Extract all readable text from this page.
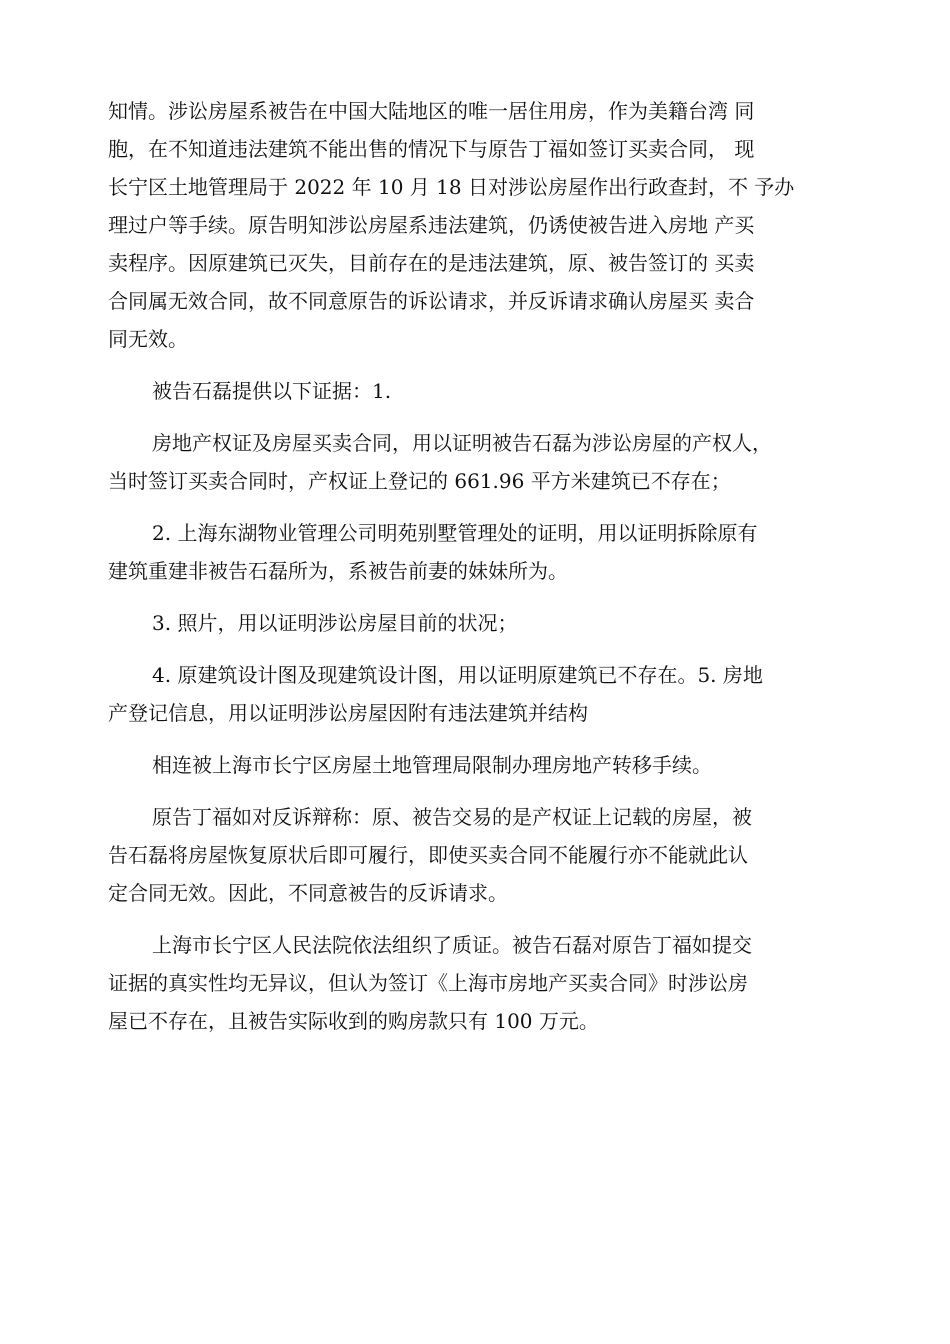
知情。涉讼房屋系被告在中国大陆地区的唯一居住用房，作为美籍台湾 同
胞，在不知道违法建筑不能出售的情况下与原告丁福如签订买卖合同， 现
长宁区土地管理局于 2022 年 10 月 18 日对涉讼房屋作出行政查封，不 予办
理过户等手续。原告明知涉讼房屋系违法建筑，仍诱使被告进入房地 产买
卖程序。因原建筑已灭失，目前存在的是违法建筑，原、被告签订的 买卖
合同属无效合同，故不同意原告的诉讼请求，并反诉请求确认房屋买 卖合
同无效。

被告石磊提供以下证据：1.

房地产权证及房屋买卖合同，用以证明被告石磊为涉讼房屋的产权人，
当时签订买卖合同时，产权证上登记的 661.96 平方米建筑已不存在；

2. 上海东湖物业管理公司明苑别墅管理处的证明，用以证明拆除原有
建筑重建非被告石磊所为，系被告前妻的妹妹所为。

3. 照片，用以证明涉讼房屋目前的状况；

4. 原建筑设计图及现建筑设计图，用以证明原建筑已不存在。5. 房地
产登记信息，用以证明涉讼房屋因附有违法建筑并结构

相连被上海市长宁区房屋土地管理局限制办理房地产转移手续。

原告丁福如对反诉辩称：原、被告交易的是产权证上记载的房屋，被
告石磊将房屋恢复原状后即可履行，即使买卖合同不能履行亦不能就此认
定合同无效。因此，不同意被告的反诉请求。

上海市长宁区人民法院依法组织了质证。被告石磊对原告丁福如提交
证据的真实性均无异议，但认为签订《上海市房地产买卖合同》时涉讼房
屋已不存在，且被告实际收到的购房款只有 100 万元。
